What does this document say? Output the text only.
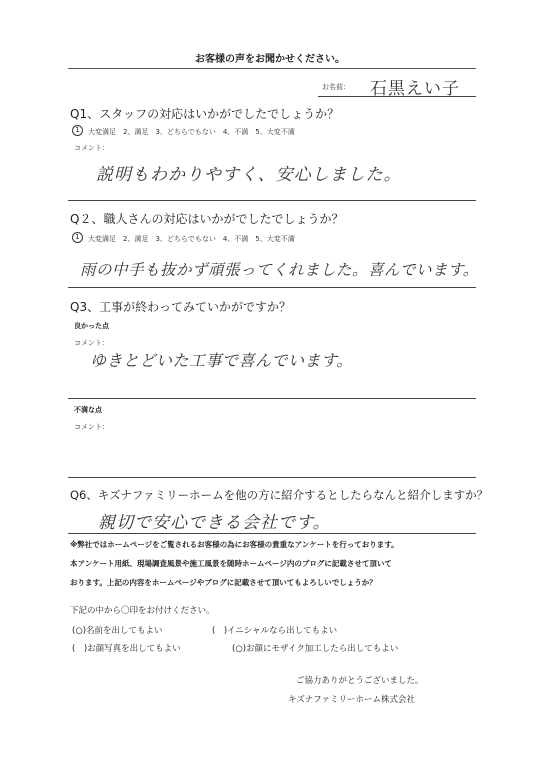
お客様の声をお聞かせください。
お名前： 石黒えい子
Q1、スタッフの対応はいかがでしたでしょうか？
1	大変満足　2、満足　3、どちらでもない　4、不満　5、大変不満
コメント：
説明もわかりやすく、安心しました。
Q２、職人さんの対応はいかがでしたでしょうか？
1	大変満足　2、満足　3、どちらでもない　4、不満　5、大変不満
雨の中手も抜かず頑張ってくれました。喜んでいます。
Q3、工事が終わってみていかがですか？
良かった点
コメント：
ゆきとどいた工事で喜んでいます。
不満な点
コメント：
Q6、キズナファミリーホームを他の方に紹介するとしたらなんと紹介しますか？
親切で安心できる会社です。
※弊社ではホームページをご覧されるお客様の為にお客様の貴重なアンケートを行っております。
本アンケート用紙、現場調査風景や施工風景を随時ホームページ内のブログに記載させて頂いて
おります。上記の内容をホームページやブログに記載させて頂いてもよろしいでしょうか？
下記の中から〇印をお付けください。
(○)名前を出してもよい	(　)イニシャルなら出してもよい
(　)お顔写真を出してもよい	(○)お顔にモザイク加工したら出してもよい
ご協力ありがとうございました。
キズナファミリーホーム株式会社
